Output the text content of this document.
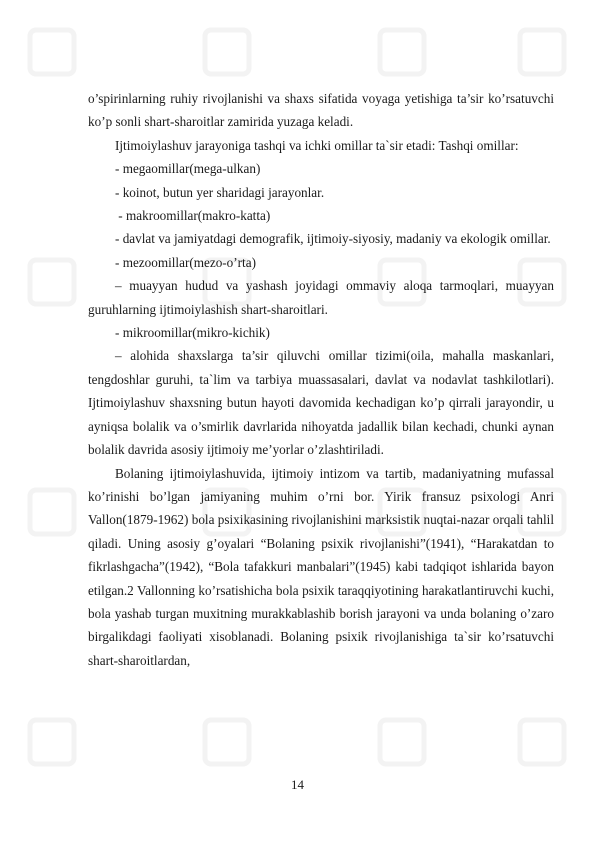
o’spirinlarning ruhiy rivojlanishi va shaxs sifatida voyaga yetishiga ta’sir ko’rsatuvchi ko’p sonli shart-sharoitlar zamirida yuzaga keladi.

Ijtimoiylashuv jarayoniga tashqi va ichki omillar ta`sir etadi: Tashqi omillar:

- megaomillar(mega-ulkan)

- koinot, butun yer sharidagi jarayonlar.

- makroomillar(makro-katta)

- davlat va jamiyatdagi demografik, ijtimoiy-siyosiy, madaniy va ekologik omillar.

- mezoomillar(mezo-o’rta)

– muayyan hudud va yashash joyidagi ommaviy aloqa tarmoqlari, muayyan guruhlarning ijtimoiylashish shart-sharoitlari.

- mikroomillar(mikro-kichik)

– alohida shaxslarga ta’sir qiluvchi omillar tizimi(oila, mahalla maskanlari, tengdoshlar guruhi, ta`lim va tarbiya muassasalari, davlat va nodavlat tashkilotlari). Ijtimoiylashuv shaxsning butun hayoti davomida kechadigan ko’p qirrali jarayondir, u ayniqsa bolalik va o’smirlik davrlarida nihoyatda jadallik bilan kechadi, chunki aynan bolalik davrida asosiy ijtimoiy me’yorlar o’zlashtiriladi.

Bolaning ijtimoiylashuvida, ijtimoiy intizom va tartib, madaniyatning mufassal ko’rinishi bo’lgan jamiyaning muhim o’rni bor. Yirik fransuz psixologi Anri Vallon(1879-1962) bola psixikasining rivojlanishini marksistik nuqtai-nazar orqali tahlil qiladi. Uning asosiy g’oyalari “Bolaning psixik rivojlanishi”(1941), “Harakatdan to fikrlashgacha”(1942), “Bola tafakkuri manbalari”(1945) kabi tadqiqot ishlarida bayon etilgan.2 Vallonning ko’rsatishicha bola psixik taraqqiyotining harakatlantiruvchi kuchi, bola yashab turgan muxitning murakkablashib borish jarayoni va unda bolaning o’zaro birgalikdagi faoliyati xisoblanadi. Bolaning psixik rivojlanishiga ta`sir ko’rsatuvchi shart-sharoitlardan,

14
